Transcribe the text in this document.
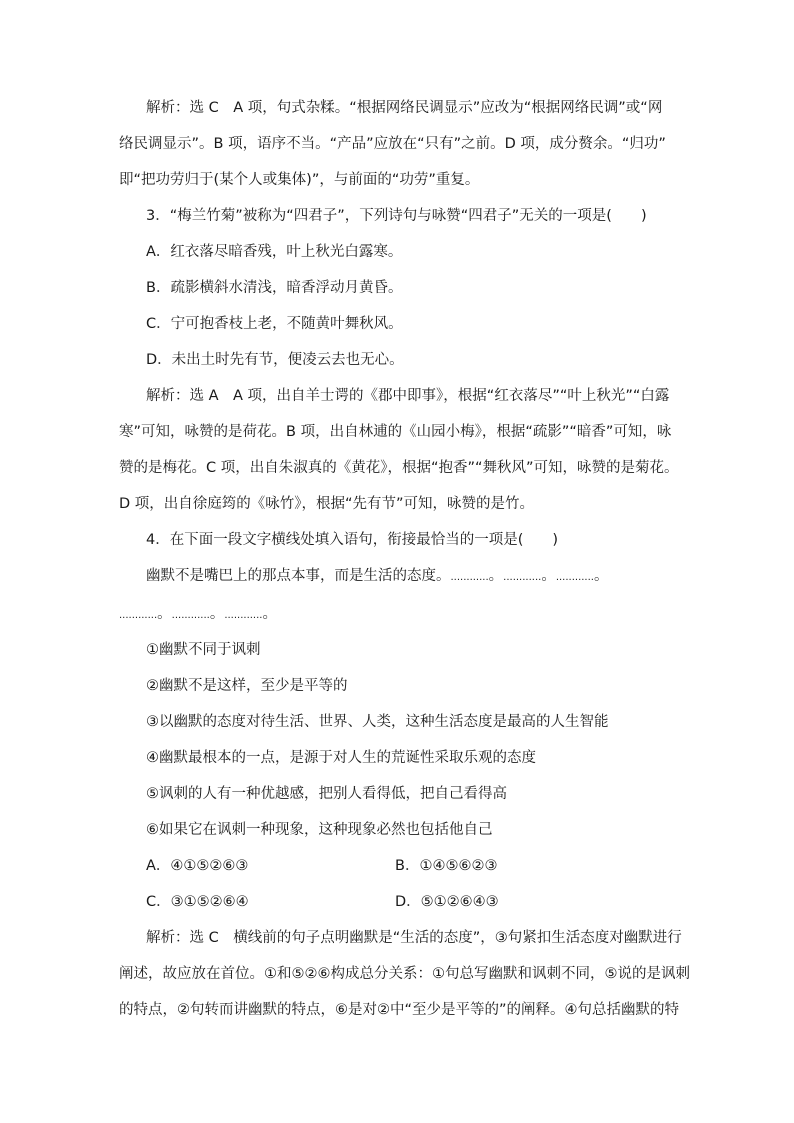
解析：选 C　A 项，句式杂糅。“根据网络民调显示”应改为“根据网络民调”或“网
络民调显示”。B 项，语序不当。“产品”应放在“只有”之前。D 项，成分赘余。“归功”
即“把功劳归于(某个人或集体)”，与前面的“功劳”重复。
3．“梅兰竹菊”被称为“四君子”，下列诗句与咏赞“四君子”无关的一项是(　　)
A．红衣落尽暗香残，叶上秋光白露寒。
B．疏影横斜水清浅，暗香浮动月黄昏。
C．宁可抱香枝上老，不随黄叶舞秋风。
D．未出土时先有节，便凌云去也无心。
解析：选 A　A 项，出自羊士谔的《郡中即事》，根据“红衣落尽”“叶上秋光”“白露
寒”可知，咏赞的是荷花。B 项，出自林逋的《山园小梅》，根据“疏影”“暗香”可知，咏
赞的是梅花。C 项，出自朱淑真的《黄花》，根据“抱香”“舞秋风”可知，咏赞的是菊花。
D 项，出自徐庭筠的《咏竹》，根据“先有节”可知，咏赞的是竹。
4．在下面一段文字横线处填入语句，衔接最恰当的一项是(　　)
幽默不是嘴巴上的那点本事，而是生活的态度。............。............。............。
............。............。............。
①幽默不同于讽刺
②幽默不是这样，至少是平等的
③以幽默的态度对待生活、世界、人类，这种生活态度是最高的人生智能
④幽默最根本的一点，是源于对人生的荒诞性采取乐观的态度
⑤讽刺的人有一种优越感，把别人看得低，把自己看得高
⑥如果它在讽刺一种现象，这种现象必然也包括他自己
A．④①⑤②⑥③	B．①④⑤⑥②③
C．③①⑤②⑥④	D．⑤①②⑥④③
解析：选 C　横线前的句子点明幽默是“生活的态度”，③句紧扣生活态度对幽默进行
阐述，故应放在首位。①和⑤②⑥构成总分关系：①句总写幽默和讽刺不同，⑤说的是讽刺
的特点，②句转而讲幽默的特点，⑥是对②中“至少是平等的”的阐释。④句总括幽默的特
